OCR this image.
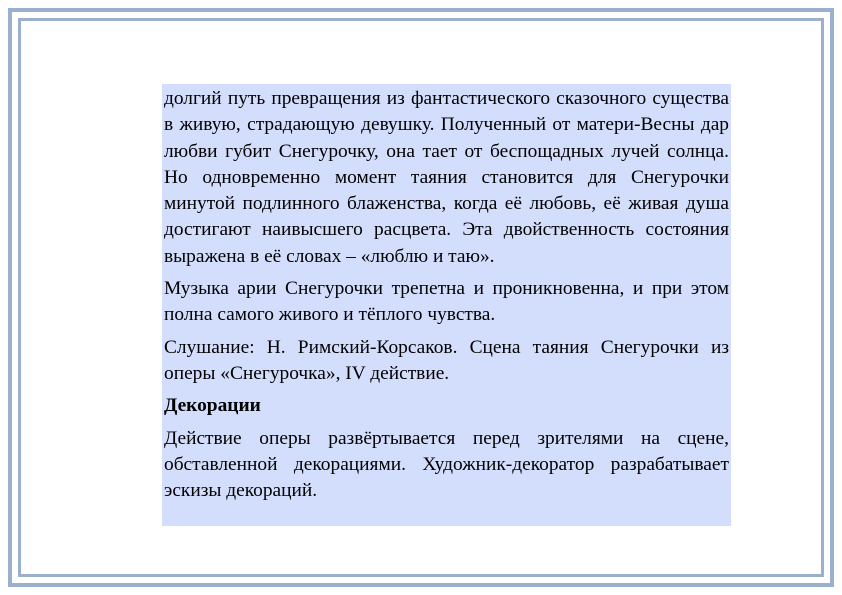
долгий путь превращения из фантастического сказочного существа в живую, страдающую девушку. Полученный от матери-Весны дар любви губит Снегурочку, она тает от беспощадных лучей солнца. Но одновременно момент таяния становится для Снегурочки минутой подлинного блаженства, когда её любовь, её живая душа достигают наивысшего расцвета. Эта двойственность состояния выражена в её словах – «люблю и таю».

Музыка арии Снегурочки трепетна и проникновенна, и при этом полна самого живого и тёплого чувства.

Слушание: Н. Римский-Корсаков. Сцена таяния Снегурочки из оперы «Снегурочка», IV действие.

Декорации

Действие оперы развёртывается перед зрителями на сцене, обставленной декорациями. Художник-декоратор разрабатывает эскизы декораций.
